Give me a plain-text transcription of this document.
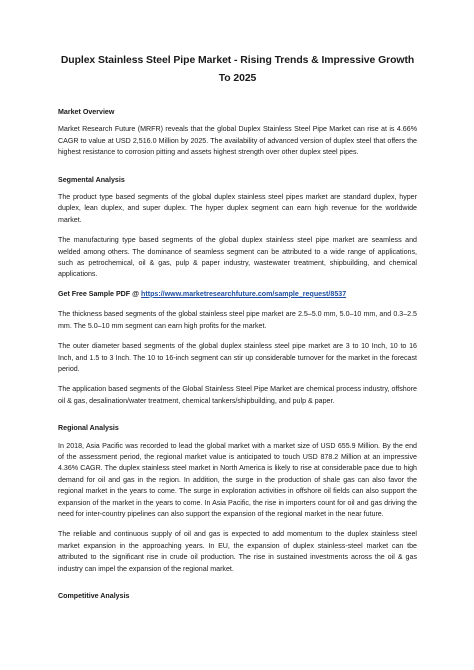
Duplex Stainless Steel Pipe Market - Rising Trends & Impressive Growth To 2025

Market Overview

Market Research Future (MRFR) reveals that the global Duplex Stainless Steel Pipe Market can rise at is 4.66% CAGR to value at USD 2,516.0 Million by 2025. The availability of advanced version of duplex steel that offers the highest resistance to corrosion pitting and assets highest strength over other duplex steel pipes.

Segmental Analysis

The product type based segments of the global duplex stainless steel pipes market are standard duplex, hyper duplex, lean duplex, and super duplex. The hyper duplex segment can earn high revenue for the worldwide market.

The manufacturing type based segments of the global duplex stainless steel pipe market are seamless and welded among others. The dominance of seamless segment can be attributed to a wide range of applications, such as petrochemical, oil & gas, pulp & paper industry, wastewater treatment, shipbuilding, and chemical applications.

Get Free Sample PDF @ https://www.marketresearchfuture.com/sample_request/8537

The thickness based segments of the global stainless steel pipe market are 2.5–5.0 mm, 5.0–10 mm, and 0.3–2.5 mm. The 5.0–10 mm segment can earn high profits for the market.

The outer diameter based segments of the global duplex stainless steel pipe market are 3 to 10 Inch, 10 to 16 Inch, and 1.5 to 3 Inch. The 10 to 16-inch segment can stir up considerable turnover for the market in the forecast period.

The application based segments of the Global Stainless Steel Pipe Market are chemical process industry, offshore oil & gas, desalination/water treatment, chemical tankers/shipbuilding, and pulp & paper.

Regional Analysis

In 2018, Asia Pacific was recorded to lead the global market with a market size of USD 655.9 Million. By the end of the assessment period, the regional market value is anticipated to touch USD 878.2 Million at an impressive 4.36% CAGR. The duplex stainless steel market in North America is likely to rise at considerable pace due to high demand for oil and gas in the region. In addition, the surge in the production of shale gas can also favor the regional market in the years to come. The surge in exploration activities in offshore oil fields can also support the expansion of the market in the years to come. In Asia Pacific, the rise in importers count for oil and gas driving the need for inter-country pipelines can also support the expansion of the regional market in the near future.

The reliable and continuous supply of oil and gas is expected to add momentum to the duplex stainless steel market expansion in the approaching years. In EU, the expansion of duplex stainless-steel market can tbe attributed to the significant rise in crude oil production. The rise in sustained investments across the oil & gas industry can impel the expansion of the regional market.

Competitive Analysis
